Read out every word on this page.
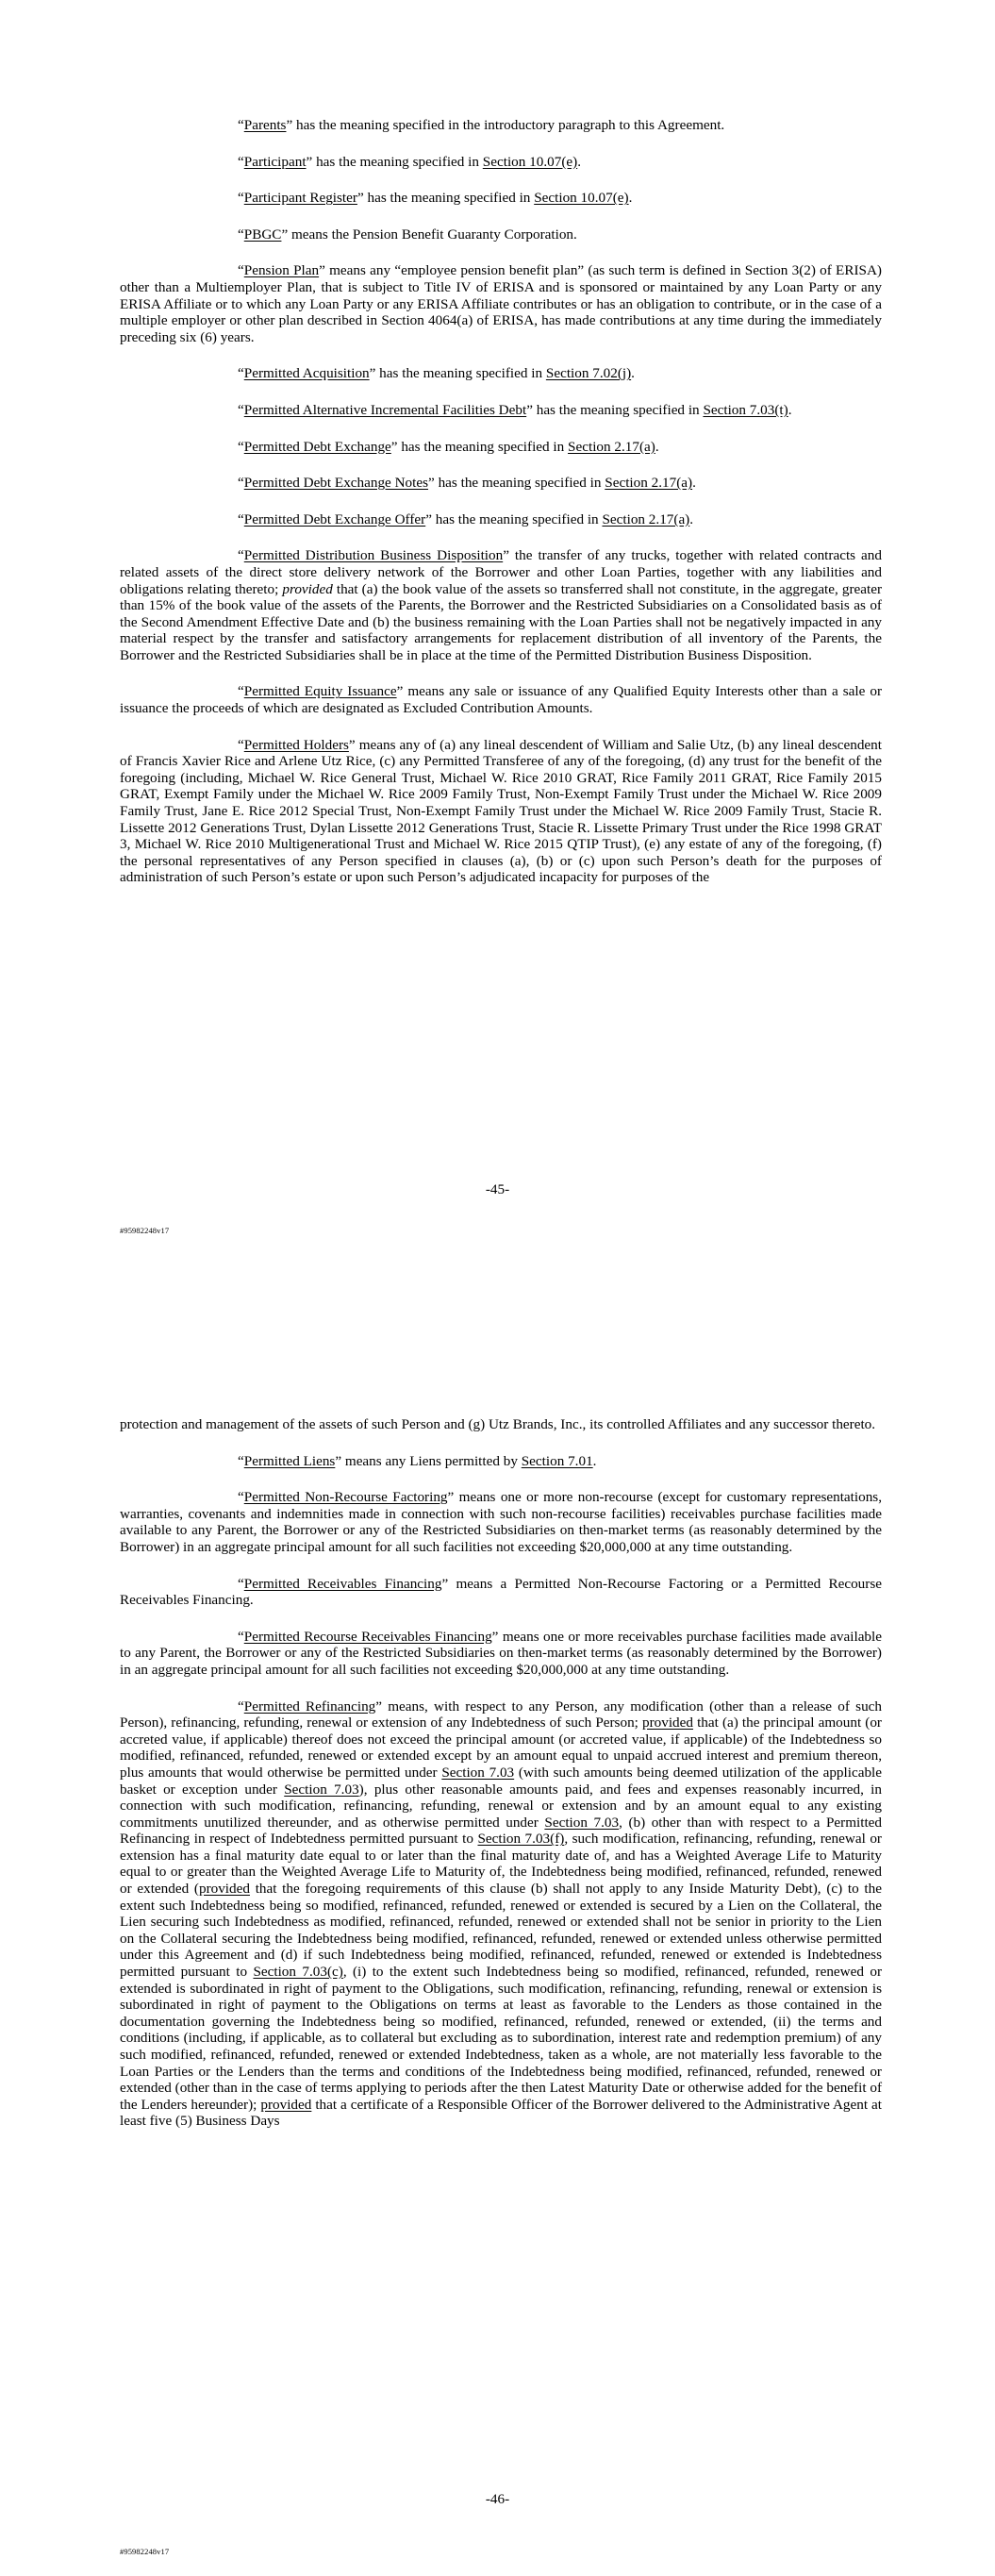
“Parents” has the meaning specified in the introductory paragraph to this Agreement.

“Participant” has the meaning specified in Section 10.07(e).

“Participant Register” has the meaning specified in Section 10.07(e).

“PBGC” means the Pension Benefit Guaranty Corporation.

“Pension Plan” means any “employee pension benefit plan” (as such term is defined in Section 3(2) of ERISA) other than a Multiemployer Plan, that is subject to Title IV of ERISA and is sponsored or maintained by any Loan Party or any ERISA Affiliate or to which any Loan Party or any ERISA Affiliate contributes or has an obligation to contribute, or in the case of a multiple employer or other plan described in Section 4064(a) of ERISA, has made contributions at any time during the immediately preceding six (6) years.

“Permitted Acquisition” has the meaning specified in Section 7.02(j).

“Permitted Alternative Incremental Facilities Debt” has the meaning specified in Section 7.03(t).

“Permitted Debt Exchange” has the meaning specified in Section 2.17(a).

“Permitted Debt Exchange Notes” has the meaning specified in Section 2.17(a).

“Permitted Debt Exchange Offer” has the meaning specified in Section 2.17(a).

“Permitted Distribution Business Disposition” the transfer of any trucks, together with related contracts and related assets of the direct store delivery network of the Borrower and other Loan Parties, together with any liabilities and obligations relating thereto; provided that (a) the book value of the assets so transferred shall not constitute, in the aggregate, greater than 15% of the book value of the assets of the Parents, the Borrower and the Restricted Subsidiaries on a Consolidated basis as of the Second Amendment Effective Date and (b) the business remaining with the Loan Parties shall not be negatively impacted in any material respect by the transfer and satisfactory arrangements for replacement distribution of all inventory of the Parents, the Borrower and the Restricted Subsidiaries shall be in place at the time of the Permitted Distribution Business Disposition.

“Permitted Equity Issuance” means any sale or issuance of any Qualified Equity Interests other than a sale or issuance the proceeds of which are designated as Excluded Contribution Amounts.

“Permitted Holders” means any of (a) any lineal descendent of William and Salie Utz, (b) any lineal descendent of Francis Xavier Rice and Arlene Utz Rice, (c) any Permitted Transferee of any of the foregoing, (d) any trust for the benefit of the foregoing (including, Michael W. Rice General Trust, Michael W. Rice 2010 GRAT, Rice Family 2011 GRAT, Rice Family 2015 GRAT, Exempt Family under the Michael W. Rice 2009 Family Trust, Non-Exempt Family Trust under the Michael W. Rice 2009 Family Trust, Jane E. Rice 2012 Special Trust, Non-Exempt Family Trust under the Michael W. Rice 2009 Family Trust, Stacie R. Lissette 2012 Generations Trust, Dylan Lissette 2012 Generations Trust, Stacie R. Lissette Primary Trust under the Rice 1998 GRAT 3, Michael W. Rice 2010 Multigenerational Trust and Michael W. Rice 2015 QTIP Trust), (e) any estate of any of the foregoing, (f) the personal representatives of any Person specified in clauses (a), (b) or (c) upon such Person’s death for the purposes of administration of such Person’s estate or upon such Person’s adjudicated incapacity for purposes of the

-45-
#95982248v17

protection and management of the assets of such Person and (g) Utz Brands, Inc., its controlled Affiliates and any successor thereto.

“Permitted Liens” means any Liens permitted by Section 7.01.

“Permitted Non-Recourse Factoring” means one or more non-recourse (except for customary representations, warranties, covenants and indemnities made in connection with such non-recourse facilities) receivables purchase facilities made available to any Parent, the Borrower or any of the Restricted Subsidiaries on then-market terms (as reasonably determined by the Borrower) in an aggregate principal amount for all such facilities not exceeding $20,000,000 at any time outstanding.

“Permitted Receivables Financing” means a Permitted Non-Recourse Factoring or a Permitted Recourse Receivables Financing.

“Permitted Recourse Receivables Financing” means one or more receivables purchase facilities made available to any Parent, the Borrower or any of the Restricted Subsidiaries on then-market terms (as reasonably determined by the Borrower) in an aggregate principal amount for all such facilities not exceeding $20,000,000 at any time outstanding.

“Permitted Refinancing” means, with respect to any Person, any modification (other than a release of such Person), refinancing, refunding, renewal or extension of any Indebtedness of such Person; provided that (a) the principal amount (or accreted value, if applicable) thereof does not exceed the principal amount (or accreted value, if applicable) of the Indebtedness so modified, refinanced, refunded, renewed or extended except by an amount equal to unpaid accrued interest and premium thereon, plus amounts that would otherwise be permitted under Section 7.03 (with such amounts being deemed utilization of the applicable basket or exception under Section 7.03), plus other reasonable amounts paid, and fees and expenses reasonably incurred, in connection with such modification, refinancing, refunding, renewal or extension and by an amount equal to any existing commitments unutilized thereunder, and as otherwise permitted under Section 7.03, (b) other than with respect to a Permitted Refinancing in respect of Indebtedness permitted pursuant to Section 7.03(f), such modification, refinancing, refunding, renewal or extension has a final maturity date equal to or later than the final maturity date of, and has a Weighted Average Life to Maturity equal to or greater than the Weighted Average Life to Maturity of, the Indebtedness being modified, refinanced, refunded, renewed or extended (provided that the foregoing requirements of this clause (b) shall not apply to any Inside Maturity Debt), (c) to the extent such Indebtedness being so modified, refinanced, refunded, renewed or extended is secured by a Lien on the Collateral, the Lien securing such Indebtedness as modified, refinanced, refunded, renewed or extended shall not be senior in priority to the Lien on the Collateral securing the Indebtedness being modified, refinanced, refunded, renewed or extended unless otherwise permitted under this Agreement and (d) if such Indebtedness being modified, refinanced, refunded, renewed or extended is Indebtedness permitted pursuant to Section 7.03(c), (i) to the extent such Indebtedness being so modified, refinanced, refunded, renewed or extended is subordinated in right of payment to the Obligations, such modification, refinancing, refunding, renewal or extension is subordinated in right of payment to the Obligations on terms at least as favorable to the Lenders as those contained in the documentation governing the Indebtedness being so modified, refinanced, refunded, renewed or extended, (ii) the terms and conditions (including, if applicable, as to collateral but excluding as to subordination, interest rate and redemption premium) of any such modified, refinanced, refunded, renewed or extended Indebtedness, taken as a whole, are not materially less favorable to the Loan Parties or the Lenders than the terms and conditions of the Indebtedness being modified, refinanced, refunded, renewed or extended (other than in the case of terms applying to periods after the then Latest Maturity Date or otherwise added for the benefit of the Lenders hereunder); provided that a certificate of a Responsible Officer of the Borrower delivered to the Administrative Agent at least five (5) Business Days

-46-
#95982248v17
